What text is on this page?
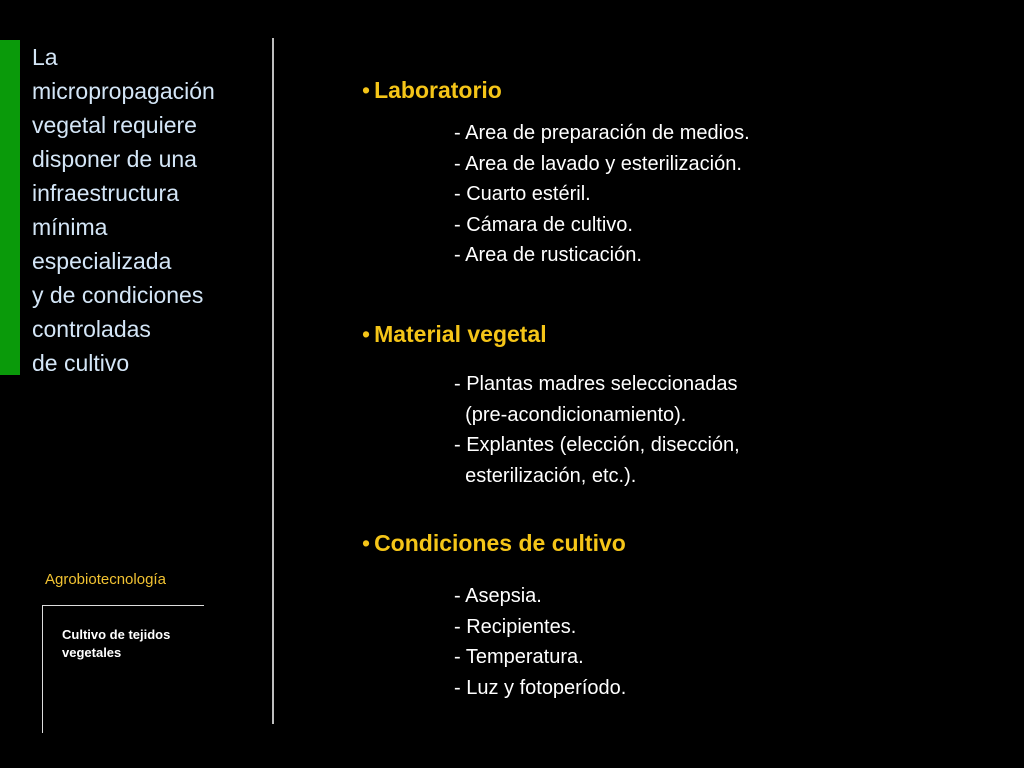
La
micropropagación
vegetal requiere
disponer de una
infraestructura
mínima
especializada
y de condiciones
controladas
de cultivo
Agrobiotecnología
Cultivo de tejidos
vegetales
• Laboratorio
- Area de preparación de medios.
- Area de lavado y esterilización.
- Cuarto estéril.
- Cámara de cultivo.
- Area de rusticación.
• Material vegetal
- Plantas madres seleccionadas
(pre-acondicionamiento).
- Explantes (elección, disección,
esterilización, etc.).
• Condiciones de cultivo
- Asepsia.
- Recipientes.
- Temperatura.
- Luz y fotoperíodo.
